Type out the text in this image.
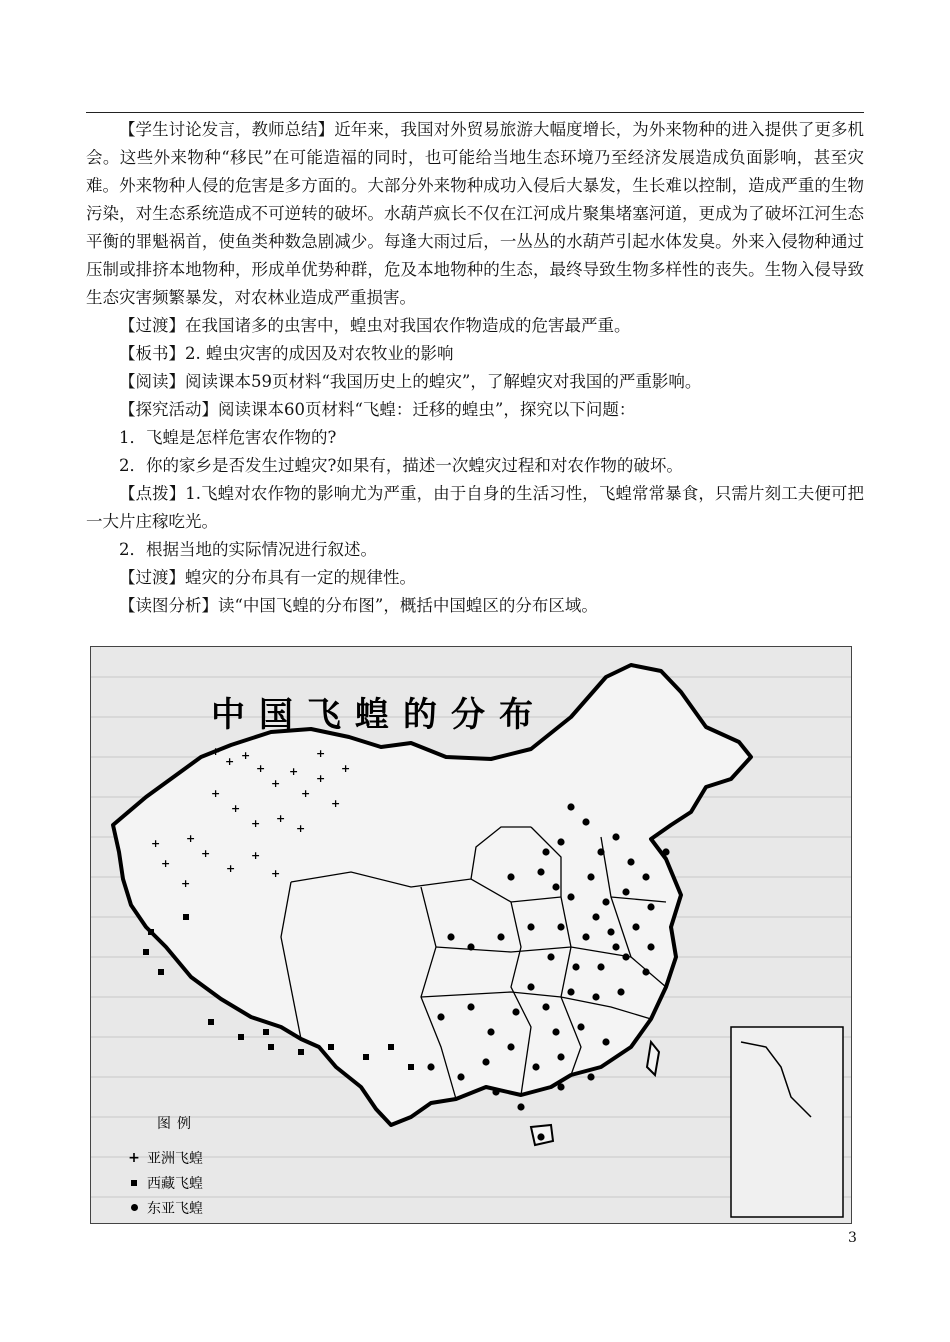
【学生讨论发言，教师总结】近年来，我国对外贸易旅游大幅度增长，为外来物种的进入提供了更多机会。这些外来物种“移民”在可能造福的同时，也可能给当地生态环境乃至经济发展造成负面影响，甚至灾难。外来物种人侵的危害是多方面的。大部分外来物种成功入侵后大暴发，生长难以控制，造成严重的生物污染，对生态系统造成不可逆转的破坏。水葫芦疯长不仅在江河成片聚集堵塞河道，更成为了破坏江河生态平衡的罪魁祸首，使鱼类种数急剧减少。每逢大雨过后，一丛丛的水葫芦引起水体发臭。外来入侵物种通过压制或排挤本地物种，形成单优势种群，危及本地物种的生态，最终导致生物多样性的丧失。生物入侵导致生态灾害频繁暴发，对农林业造成严重损害。

【过渡】在我国诸多的虫害中，蝗虫对我国农作物造成的危害最严重。

【板书】2. 蝗虫灾害的成因及对农牧业的影响

【阅读】阅读课本59页材料“我国历史上的蝗灾”，了解蝗灾对我国的严重影响。

【探究活动】阅读课本60页材料“飞蝗：迁移的蝗虫”，探究以下问题：

1．飞蝗是怎样危害农作物的?

2．你的家乡是否发生过蝗灾?如果有，描述一次蝗灾过程和对农作物的破坏。

【点拨】1.飞蝗对农作物的影响尤为严重，由于自身的生活习性，飞蝗常常暴食，只需片刻工夫便可把一大片庄稼吃光。

2．根据当地的实际情况进行叙述。

【过渡】蝗灾的分布具有一定的规律性。

【读图分析】读“中国飞蝗的分布图”，概括中国蝗区的分布区域。

+
+ +
+
+
+
+
+
+
+
+
+ +
+
+
+
+
+
+
+
+
+
+
+
中国飞蝗的分布
图例
+ 亚洲飞蝗
西藏飞蝗
东亚飞蝗
3
